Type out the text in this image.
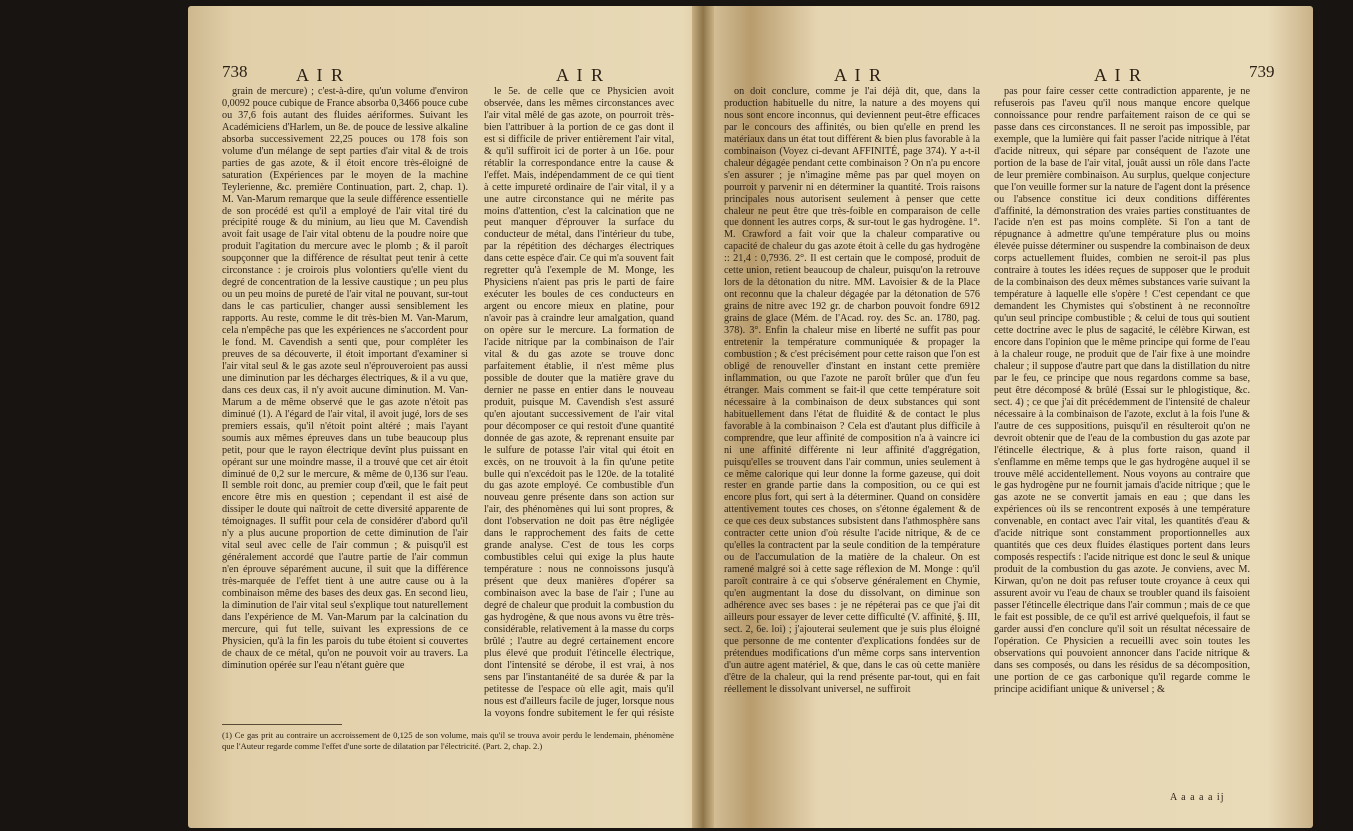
738	A I R	A I R

grain de mercure) ; c'est-à-dire, qu'un volume d'environ 0,0092 pouce cubique de France absorba 0,3466 pouce cube ou 37,6 fois autant des fluides aériformes. Suivant les Académiciens d'Harlem, un 8e. de pouce de lessive alkaline absorba successivement 22,25 pouces ou 178 fois son volume d'un mélange de sept parties d'air vital & de trois parties de gas azote, & il étoit encore très-éloigné de saturation (Expériences par le moyen de la machine Teylerienne, &c. première Continuation, part. 2, chap. 1). M. Van-Marum remarque que la seule différence essentielle de son procédé est qu'il a employé de l'air vital tiré du précipité rouge & du minium, au lieu que M. Cavendish avoit fait usage de l'air vital obtenu de la poudre noire que produit l'agitation du mercure avec le plomb ; & il paroît soupçonner que la différence de résultat peut tenir à cette circonstance : je croirois plus volontiers qu'elle vient du degré de concentration de la lessive caustique ; un peu plus ou un peu moins de pureté de l'air vital ne pouvant, sur-tout dans le cas particulier, changer aussi sensiblement les rapports. Au reste, comme le dit très-bien M. Van-Marum, cela n'empêche pas que les expériences ne s'accordent pour le fond. M. Cavendish a senti que, pour compléter les preuves de sa découverte, il étoit important d'examiner si l'air vital seul & le gas azote seul n'éprouveroient pas aussi une diminution par les décharges électriques, & il a vu que, dans ces deux cas, il n'y avoit aucune diminution. M. Van-Marum a de même observé que le gas azote n'étoit pas diminué (1). A l'égard de l'air vital, il avoit jugé, lors de ses premiers essais, qu'il n'étoit point altéré ; mais l'ayant soumis aux mêmes épreuves dans un tube beaucoup plus petit, pour que le rayon électrique devînt plus puissant en opérant sur une moindre masse, il a trouvé que cet air étoit diminué de 0,2 sur le mercure, & même de 0,136 sur l'eau. Il semble roit donc, au premier coup d'œil, que le fait peut encore être mis en question ; cependant il est aisé de dissiper le doute qui naîtroit de cette diversité apparente de témoignages. Il suffit pour cela de considérer d'abord qu'il n'y a plus aucune proportion de cette diminution de l'air vital seul avec celle de l'air commun ; & puisqu'il est généralement accordé que l'autre partie de l'air commun n'en éprouve séparément aucune, il suit que la différence très-marquée de l'effet tient à une autre cause ou à la combinaison même des bases des deux gas. En second lieu, la diminution de l'air vital seul s'explique tout naturellement dans l'expérience de M. Van-Marum par la calcination du mercure, qui fut telle, suivant les expressions de ce Physicien, qu'à la fin les parois du tube étoient si couvertes de chaux de ce métal, qu'on ne pouvoit voir au travers. La diminution opérée sur l'eau n'étant guère que

le 5e. de celle que ce Physicien avoit observée, dans les mêmes circonstances avec l'air vital mêlé de gas azote, on pourroit très-bien l'attribuer à la portion de ce gas dont il est si difficile de priver entièrement l'air vital, & qu'il suffiroit ici de porter à un 16e. pour rétablir la correspondance entre la cause & l'effet. Mais, indépendamment de ce qui tient à cette impureté ordinaire de l'air vital, il y a une autre circonstance qui ne mérite pas moins d'attention, c'est la calcination que ne peut manquer d'éprouver la surface du conducteur de métal, dans l'intérieur du tube, par la répétition des décharges électriques dans cette espèce d'air. Ce qui m'a souvent fait regretter qu'à l'exemple de M. Monge, les Physiciens n'aient pas pris le parti de faire exécuter les boules de ces conducteurs en argent ou encore mieux en platine, pour n'avoir pas à craindre leur amalgation, quand on opère sur le mercure. La formation de l'acide nitrique par la combinaison de l'air vital & du gas azote se trouve donc parfaitement établie, il n'est même plus possible de douter que la matière grave du dernier ne passe en entier dans le nouveau produit, puisque M. Cavendish s'est assuré qu'en ajoutant successivement de l'air vital pour décomposer ce qui restoit d'une quantité donnée de gas azote, & reprenant ensuite par le sulfure de potasse l'air vital qui étoit en excès, on ne trouvoit à la fin qu'une petite bulle qui n'excédoit pas le 120e. de la totalité du gas azote employé. Ce combustible d'un nouveau genre présente dans son action sur l'air, des phénomènes qui lui sont propres, & dont l'observation ne doit pas être négligée dans le rapprochement des faits de cette grande analyse. C'est de tous les corps combustibles celui qui exige la plus haute température : nous ne connoissons jusqu'à présent que deux manières d'opérer sa combinaison avec la base de l'air ; l'une au degré de chaleur que produit la combustion du gas hydrogène, & que nous avons vu être très-considérable, relativement à la masse du corps brûlé ; l'autre au degré certainement encore plus élevé que produit l'étincelle électrique, dont l'intensité se dérobe, il est vrai, à nos sens par l'instantanéité de sa durée & par la petitesse de l'espace où elle agit, mais qu'il nous est d'ailleurs facile de juger, lorsque nous la voyons fondre subitement le fer qui résiste

(1) Ce gas prit au contraire un accroissement de 0,125 de son volume, mais qu'il se trouva avoir perdu le lendemain, phénomène que l'Auteur regarde comme l'effet d'une sorte de dilatation par l'électricité. (Part. 2, chap. 2.)
A I R	A I R	739

on doit conclure, comme je l'ai déjà dit, que, dans la production habituelle du nitre, la nature a des moyens qui nous sont encore inconnus, qui deviennent peut-être efficaces par le concours des affinités, ou bien qu'elle en prend les matériaux dans un état tout différent & bien plus favorable à la combinaison (Voyez ci-devant AFFINITÉ, page 374). Y a-t-il chaleur dégagée pendant cette combinaison ? On n'a pu encore s'en assurer ; je n'imagine même pas par quel moyen on pourroit y parvenir ni en déterminer la quantité. Trois raisons principales nous autorisent seulement à penser que cette chaleur ne peut être que très-foible en comparaison de celle que donnent les autres corps, & sur-tout le gas hydrogène. 1°. M. Crawford a fait voir que la chaleur comparative ou capacité de chaleur du gas azote étoit à celle du gas hydrogène :: 21,4 : 0,7936. 2°. Il est certain que le composé, produit de cette union, retient beaucoup de chaleur, puisqu'on la retrouve lors de la détonation du nitre. MM. Lavoisier & de la Place ont reconnu que la chaleur dégagée par la détonation de 576 grains de nitre avec 192 gr. de charbon pouvoit fondre 6912 grains de glace (Mém. de l'Acad. roy. des Sc. an. 1780, pag. 378). 3°. Enfin la chaleur mise en liberté ne suffit pas pour entretenir la température communiquée & propager la combustion ; & c'est précisément pour cette raison que l'on est obligé de renouveller d'instant en instant cette première inflammation, ou que l'azote ne paroît brûler que d'un feu étranger. Mais comment se fait-il que cette température soit nécessaire à la combinaison de deux substances qui sont habituellement dans l'état de fluidité & de contact le plus favorable à la combinaison ? Cela est d'autant plus difficile à comprendre, que leur affinité de composition n'a à vaincre ici ni une affinité différente ni leur affinité d'aggrégation, puisqu'elles se trouvent dans l'air commun, unies seulement à ce même calorique qui leur donne la forme gazeuse, qui doit rester en grande partie dans la composition, ou ce qui est encore plus fort, qui sert à la déterminer. Quand on considère attentivement toutes ces choses, on s'étonne également & de ce que ces deux substances subsistent dans l'athmosphère sans contracter cette union d'où résulte l'acide nitrique, & de ce qu'elles la contractent par la seule condition de la température ou de l'accumulation de la matière de la chaleur. On est ramené malgré soi à cette sage réflexion de M. Monge : qu'il paroît contraire à ce qui s'observe généralement en Chymie, qu'en augmentant la dose du dissolvant, on diminue son adhérence avec ses bases : je ne répéterai pas ce que j'ai dit ailleurs pour essayer de lever cette difficulté (V. affinité, §. III, sect. 2, 6e. loi) ; j'ajouterai seulement que je suis plus éloigné que personne de me contenter d'explications fondées sur de prétendues modifications d'un même corps sans intervention d'un autre agent matériel, & que, dans le cas où cette manière d'être de la chaleur, qui la rend présente par-tout, qui en fait réellement le dissolvant universel, ne suffiroit

pas pour faire cesser cette contradiction apparente, je ne refuserois pas l'aveu qu'il nous manque encore quelque connoissance pour rendre parfaitement raison de ce qui se passe dans ces circonstances. Il ne seroit pas impossible, par exemple, que la lumière qui fait passer l'acide nitrique à l'état d'acide nitreux, qui sépare par conséquent de l'azote une portion de la base de l'air vital, jouât aussi un rôle dans l'acte de leur première combinaison. Au surplus, quelque conjecture que l'on veuille former sur la nature de l'agent dont la présence ou l'absence constitue ici deux conditions différentes d'affinité, la démonstration des vraies parties constituantes de l'acide n'en est pas moins complète. Si l'on a tant de répugnance à admettre qu'une température plus ou moins élevée puisse déterminer ou suspendre la combinaison de deux corps actuellement fluides, combien ne seroit-il pas plus contraire à toutes les idées reçues de supposer que le produit de la combinaison des deux mêmes substances varie suivant la température à laquelle elle s'opère ! C'est cependant ce que demandent les Chymistes qui s'obstinent à ne reconnoître qu'un seul principe combustible ; & celui de tous qui soutient cette doctrine avec le plus de sagacité, le célèbre Kirwan, est encore dans l'opinion que le même principe qui forme de l'eau à la chaleur rouge, ne produit que de l'air fixe à une moindre chaleur ; il suppose d'autre part que dans la distillation du nitre par le feu, ce principe que nous regardons comme sa base, peut être décomposé & brûlé (Essai sur le phlogistique, &c. sect. 4) ; ce que j'ai dit précédemment de l'intensité de chaleur nécessaire à la combinaison de l'azote, exclut à la fois l'une & l'autre de ces suppositions, puisqu'il en résulteroit qu'on ne devroit obtenir que de l'eau de la combustion du gas azote par l'étincelle électrique, & à plus forte raison, quand il s'enflamme en même temps que le gas hydrogène auquel il se trouve mêlé accidentellement. Nous voyons au contraire que le gas hydrogène pur ne fournit jamais d'acide nitrique ; que le gas azote ne se convertit jamais en eau ; que dans les expériences où ils se rencontrent exposés à une température convenable, en contact avec l'air vital, les quantités d'eau & d'acide nitrique sont constamment proportionnelles aux quantités que ces deux fluides élastiques portent dans leurs composés respectifs : l'acide nitrique est donc le seul & unique produit de la combustion du gas azote. Je conviens, avec M. Kirwan, qu'on ne doit pas refuser toute croyance à ceux qui assurent avoir vu l'eau de chaux se troubler quand ils faisoient passer l'étincelle électrique dans l'air commun ; mais de ce que le fait est possible, de ce qu'il est arrivé quelquefois, il faut se garder aussi d'en conclure qu'il soit un résultat nécessaire de l'opération. Ce Physicien a recueilli avec soin toutes les observations qui pouvoient annoncer dans l'acide nitrique & dans ses composés, ou dans les résidus de sa décomposition, une portion de ce gas carbonique qu'il regarde comme le principe acidifiant unique & universel ; &

A a a a a ij
